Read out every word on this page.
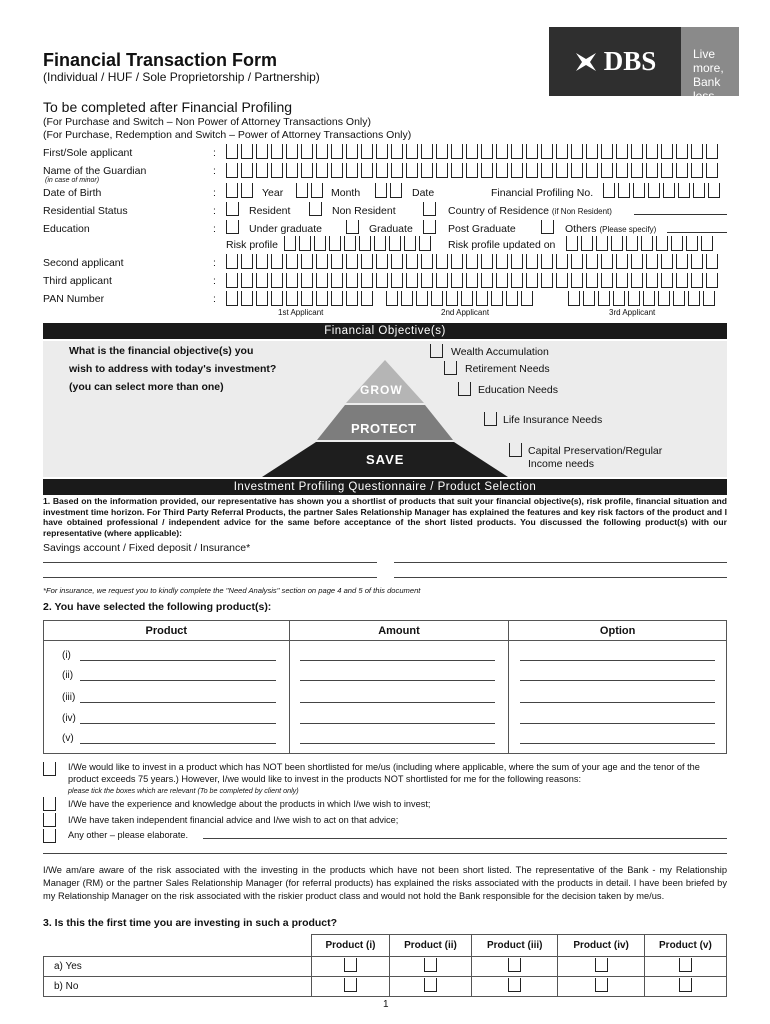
Financial Transaction Form
(Individual / HUF / Sole Proprietorship / Partnership)
DBS	Live more,
Bank less
To be completed after Financial Profiling
(For Purchase and Switch – Non Power of Attorney Transactions Only)
(For Purchase, Redemption and Switch – Power of Attorney Transactions Only)
First/Sole applicant
Name of the Guardian
(in case of minor)
Date of Birth
Residential Status
Education
Second applicant
Third applicant
PAN Number
:
:
:
:
:
:
:
:
Year	Month	Date	Financial Profiling No.
Resident	Non Resident	Country of Residence (if Non Resident)
Under graduate	Graduate	Post Graduate	Others (Please specify)
Risk profile	Risk profile updated on
1st Applicant	2nd Applicant	3rd Applicant
Financial Objective(s)
What is the financial objective(s) you
wish to address with today's investment?
(you can select more than one)	GROW
PROTECT
SAVE
Wealth Accumulation
Retirement Needs
Education Needs
Life Insurance Needs
Capital Preservation/Regular
Income needs
Investment Profiling Questionnaire / Product Selection
1. Based on the information provided, our representative has shown you a shortlist of products that suit your financial objective(s), risk profile, financial situation and investment time horizon. For Third Party Referral Products, the partner Sales Relationship Manager has explained the features and key risk factors of the product and I have obtained professional / independent advice for the same before acceptance of the short listed products. You discussed the following product(s) with our representative (where applicable):
Savings account / Fixed deposit / Insurance*
*For insurance, we request you to kindly complete the "Need Analysis" section on page 4 and 5 of this document
2. You have selected the following product(s):
Product	Amount	Option

(i)
(ii)
(iii)
(iv)
(v)
I/We would like to invest in a product which has NOT been shortlisted for me/us (including where applicable, where the sum of your age and the tenor of the product exceeds 75 years.) However, I/we would like to invest in the products NOT shortlisted for me for the following reasons:
please tick the boxes which are relevant (To be completed by client only)
I/We have the experience and knowledge about the products in which I/we wish to invest;
I/We have taken independent financial advice and I/we wish to act on that advice;
Any other – please elaborate.
I/We am/are aware of the risk associated with the investing in the products which have not been short listed. The representative of the Bank - my Relationship Manager (RM) or the partner Sales Relationship Manager (for referral products) has explained the risks associated with the products in detail. I have been briefed by my Relationship Manager on the risk associated with the riskier product class and would not hold the Bank responsible for the decision taken by me/us.
3. Is this the first time you are investing in such a product?
	Product (i)	Product (ii)	Product (iii)	Product (iv)	Product (v)
a) Yes					
b) No					
1
